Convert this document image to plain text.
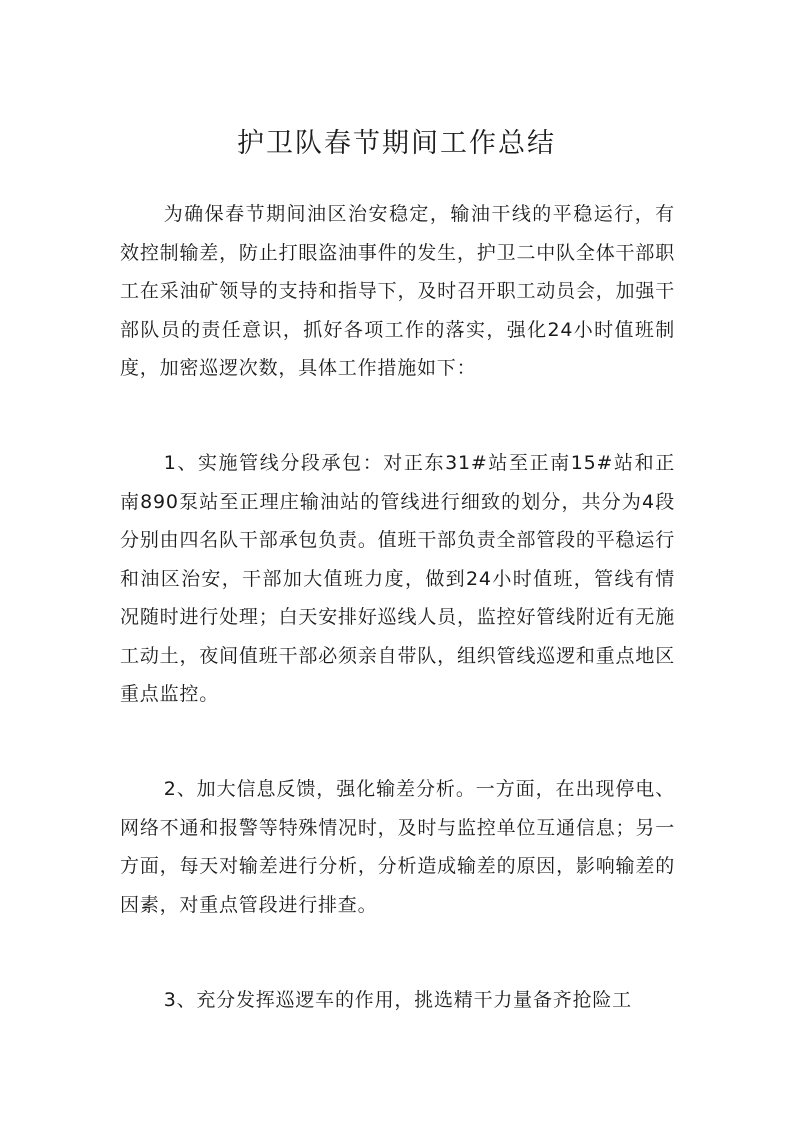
护卫队春节期间工作总结

为确保春节期间油区治安稳定，输油干线的平稳运行，有效控制输差，防止打眼盗油事件的发生，护卫二中队全体干部职工在采油矿领导的支持和指导下，及时召开职工动员会，加强干部队员的责任意识，抓好各项工作的落实，强化24小时值班制度，加密巡逻次数，具体工作措施如下：

1、实施管线分段承包：对正东31#站至正南15#站和正南890泵站至正理庄输油站的管线进行细致的划分，共分为4段分别由四名队干部承包负责。值班干部负责全部管段的平稳运行和油区治安，干部加大值班力度，做到24小时值班，管线有情况随时进行处理；白天安排好巡线人员，监控好管线附近有无施工动土，夜间值班干部必须亲自带队，组织管线巡逻和重点地区重点监控。

2、加大信息反馈，强化输差分析。一方面，在出现停电、网络不通和报警等特殊情况时，及时与监控单位互通信息；另一方面，每天对输差进行分析，分析造成输差的原因，影响输差的因素，对重点管段进行排查。

3、充分发挥巡逻车的作用，挑选精干力量备齐抢险工
